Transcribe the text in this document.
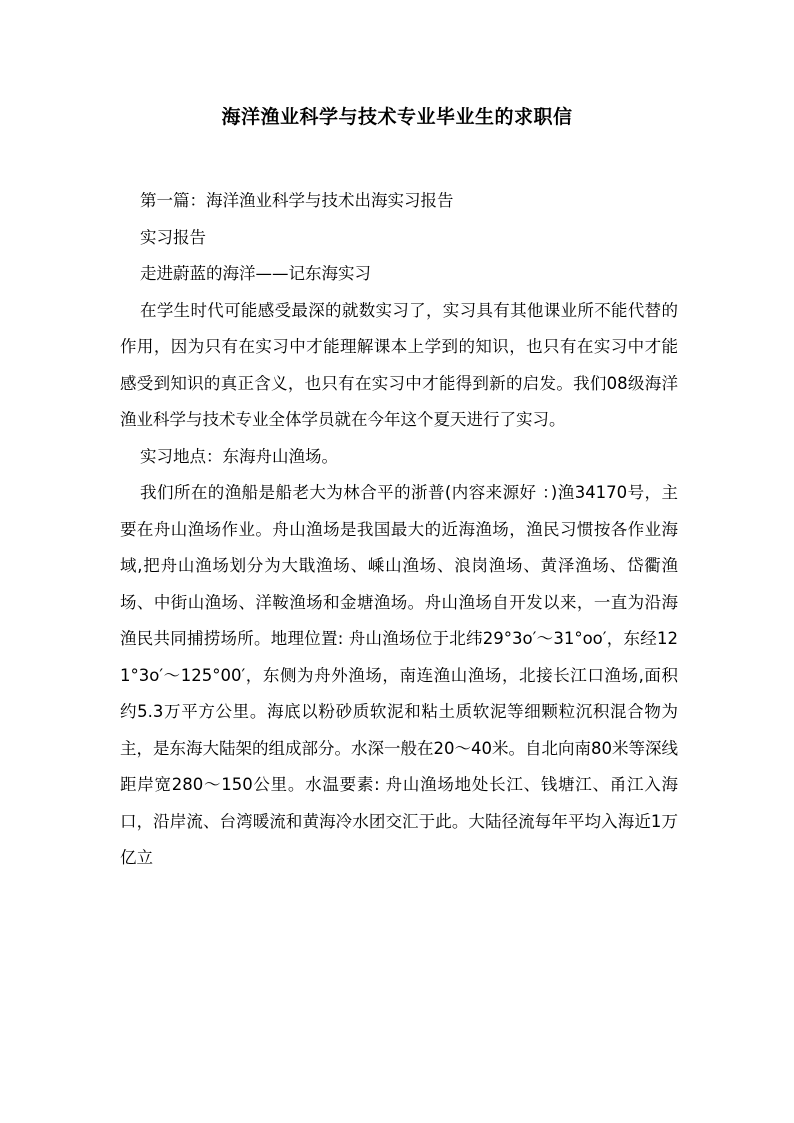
海洋渔业科学与技术专业毕业生的求职信

第一篇：海洋渔业科学与技术出海实习报告

实习报告

走进蔚蓝的海洋——记东海实习

在学生时代可能感受最深的就数实习了，实习具有其他课业所不能代替的作用，因为只有在实习中才能理解课本上学到的知识，也只有在实习中才能感受到知识的真正含义，也只有在实习中才能得到新的启发。我们08级海洋渔业科学与技术专业全体学员就在今年这个夏天进行了实习。

实习地点：东海舟山渔场。

我们所在的渔船是船老大为林合平的浙普(内容来源好 ：)渔34170号，主要在舟山渔场作业。舟山渔场是我国最大的近海渔场，渔民习惯按各作业海域,把舟山渔场划分为大戢渔场、嵊山渔场、浪岗渔场、黄泽渔场、岱衢渔场、中街山渔场、洋鞍渔场和金塘渔场。舟山渔场自开发以来，一直为沿海渔民共同捕捞场所。地理位置: 舟山渔场位于北纬29°3o′～31°oo′，东经121°3o′～125°00′，东侧为舟外渔场，南连渔山渔场，北接长江口渔场,面积约5.3万平方公里。海底以粉砂质软泥和粘土质软泥等细颗粒沉积混合物为主，是东海大陆架的组成部分。水深一般在20～40米。自北向南80米等深线距岸宽280～150公里。水温要素: 舟山渔场地处长江、钱塘江、甬江入海口，沿岸流、台湾暖流和黄海冷水团交汇于此。大陆径流每年平均入海近1万亿立
